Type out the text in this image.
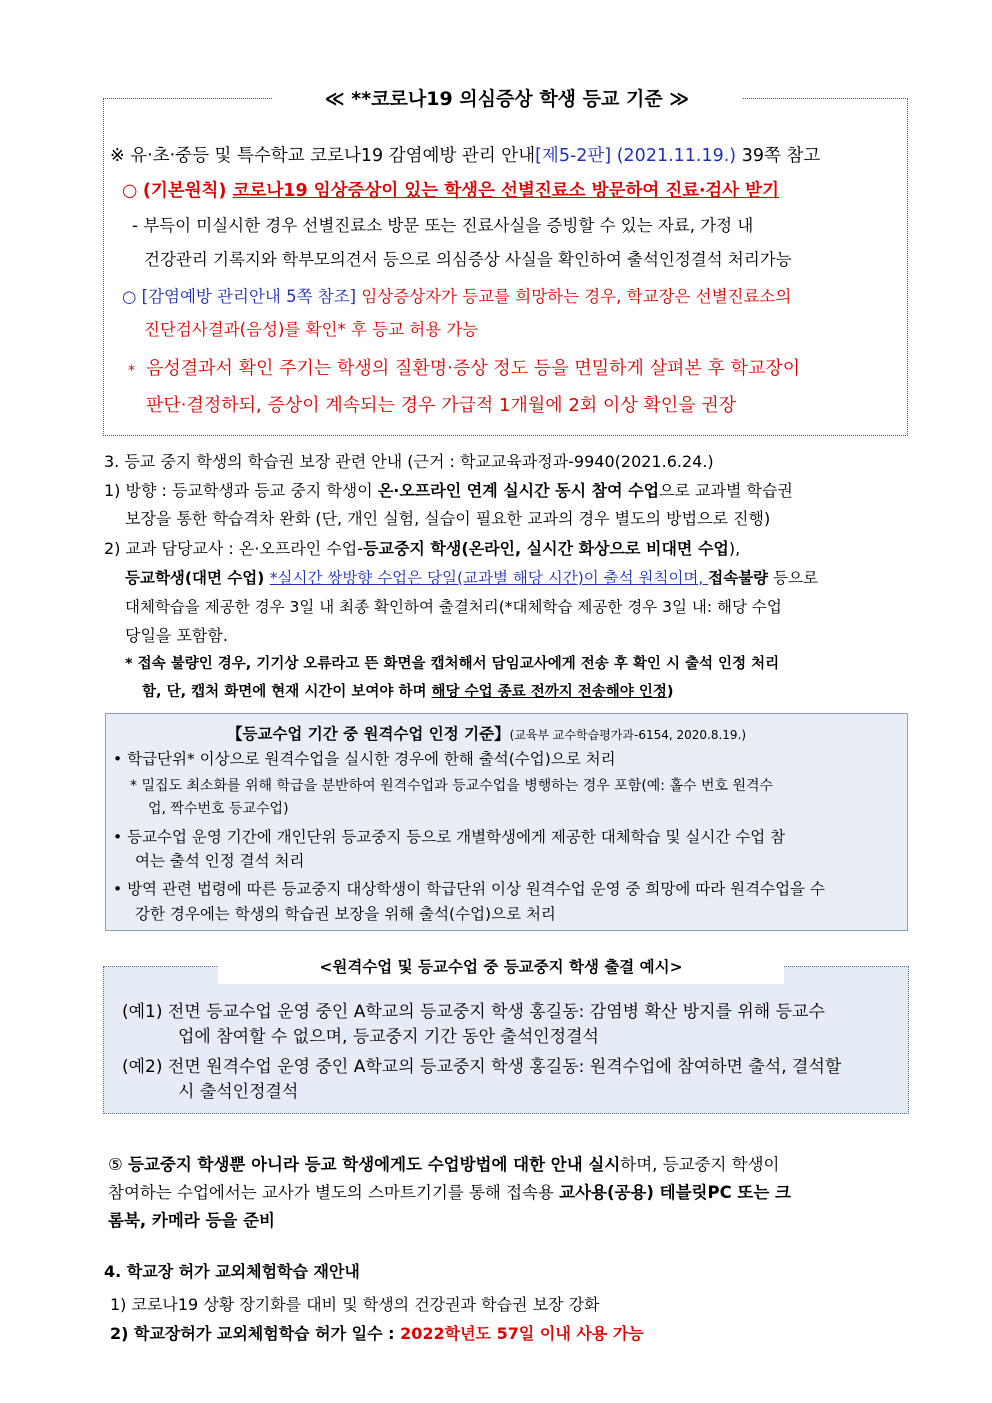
≪ **코로나19 의심증상 학생 등교 기준 ≫
※ 유‧초‧중등 및 특수학교 코로나19 감염예방 관리 안내[제5-2판] (2021.11.19.) 39쪽 참고
○ (기본원칙) 코로나19 임상증상이 있는 학생은 선별진료소 방문하여 진료‧검사 받기
- 부득이 미실시한 경우 선별진료소 방문 또는 진료사실을 증빙할 수 있는 자료, 가정 내
건강관리 기록지와 학부모의견서 등으로 의심증상 사실을 확인하여 출석인정결석 처리가능
○ [감염예방 관리안내 5쪽 참조] 임상증상자가 등교를 희망하는 경우, 학교장은 선별진료소의
진단검사결과(음성)를 확인* 후 등교 허용 가능
* 음성결과서 확인 주기는 학생의 질환명‧증상 정도 등을 면밀하게 살펴본 후 학교장이
판단‧결정하되, 증상이 계속되는 경우 가급적 1개월에 2회 이상 확인을 권장
3. 등교 중지 학생의 학습권 보장 관련 안내 (근거 : 학교교육과정과-9940(2021.6.24.)
1) 방향 : 등교학생과 등교 중지 학생이 온·오프라인 연계 실시간 동시 참여 수업으로 교과별 학습권
보장을 통한 학습격차 완화 (단, 개인 실험, 실습이 필요한 교과의 경우 별도의 방법으로 진행)
2) 교과 담당교사 : 온·오프라인 수업-등교중지 학생(온라인, 실시간 화상으로 비대면 수업),
등교학생(대면 수업) *실시간 쌍방향 수업은 당일(교과별 해당 시간)이 출석 원칙이며, 접속불량 등으로
대체학습을 제공한 경우 3일 내 최종 확인하여 출결처리(*대체학습 제공한 경우 3일 내: 해당 수업
당일을 포함함.
* 접속 불량인 경우, 기기상 오류라고 뜬 화면을 캡처해서 담임교사에게 전송 후 확인 시 출석 인정 처리
함, 단, 캡처 화면에 현재 시간이 보여야 하며 해당 수업 종료 전까지 전송해야 인정)
【등교수업 기간 중 원격수업 인정 기준】(교육부 교수학습평가과-6154, 2020.8.19.)
• 학급단위* 이상으로 원격수업을 실시한 경우에 한해 출석(수업)으로 처리
* 밀집도 최소화를 위해 학급을 분반하여 원격수업과 등교수업을 병행하는 경우 포함(예: 홀수 번호 원격수
업, 짝수번호 등교수업)
• 등교수업 운영 기간에 개인단위 등교중지 등으로 개별학생에게 제공한 대체학습 및 실시간 수업 참
여는 출석 인정 결석 처리
• 방역 관련 법령에 따른 등교중지 대상학생이 학급단위 이상 원격수업 운영 중 희망에 따라 원격수업을 수
강한 경우에는 학생의 학습권 보장을 위해 출석(수업)으로 처리
<원격수업 및 등교수업 중 등교중지 학생 출결 예시>
(예1) 전면 등교수업 운영 중인 A학교의 등교중지 학생 홍길동: 감염병 확산 방지를 위해 등교수
업에 참여할 수 없으며, 등교중지 기간 동안 출석인정결석
(예2) 전면 원격수업 운영 중인 A학교의 등교중지 학생 홍길동: 원격수업에 참여하면 출석, 결석할
시 출석인정결석
⑤ 등교중지 학생뿐 아니라 등교 학생에게도 수업방법에 대한 안내 실시하며, 등교중지 학생이
참여하는 수업에서는 교사가 별도의 스마트기기를 통해 접속용 교사용(공용) 테블릿PC 또는 크
롬북, 카메라 등을 준비
4. 학교장 허가 교외체험학습 재안내
1) 코로나19 상황 장기화를 대비 및 학생의 건강권과 학습권 보장 강화
2) 학교장허가 교외체험학습 허가 일수 : 2022학년도 57일 이내 사용 가능
